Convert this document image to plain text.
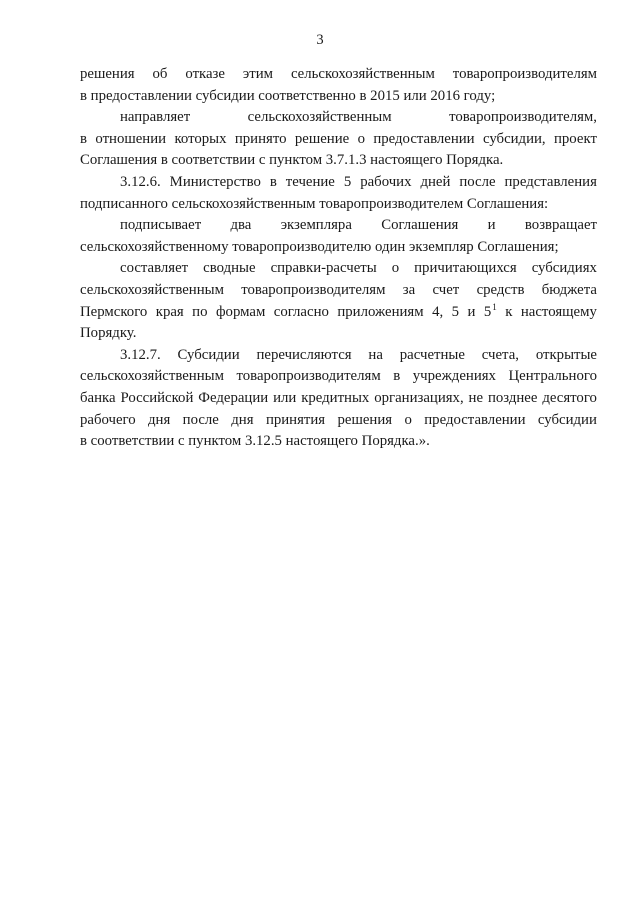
3
решения об отказе этим сельскохозяйственным товаропроизводителям
в предоставлении субсидии соответственно в 2015 или 2016 году;
направляет	сельскохозяйственным	товаропроизводителям,
в отношении которых принято решение о предоставлении субсидии, проект
Соглашения в соответствии с пунктом 3.7.1.3 настоящего Порядка.
3.12.6. Министерство в течение 5 рабочих дней после представления
подписанного сельскохозяйственным товаропроизводителем Соглашения:
подписывает два экземпляра Соглашения и возвращает
сельскохозяйственному товаропроизводителю один экземпляр Соглашения;
составляет сводные справки-расчеты о причитающихся субсидиях
сельскохозяйственным товаропроизводителям за счет средств бюджета
Пермского края по формам согласно приложениям 4, 5 и $5^1$ к настоящему
Порядку.
3.12.7. Субсидии перечисляются на расчетные счета, открытые
сельскохозяйственным товаропроизводителям в учреждениях Центрального
банка Российской Федерации или кредитных организациях, не позднее десятого
рабочего дня после дня принятия решения о предоставлении субсидии
в соответствии с пунктом 3.12.5 настоящего Порядка.».
